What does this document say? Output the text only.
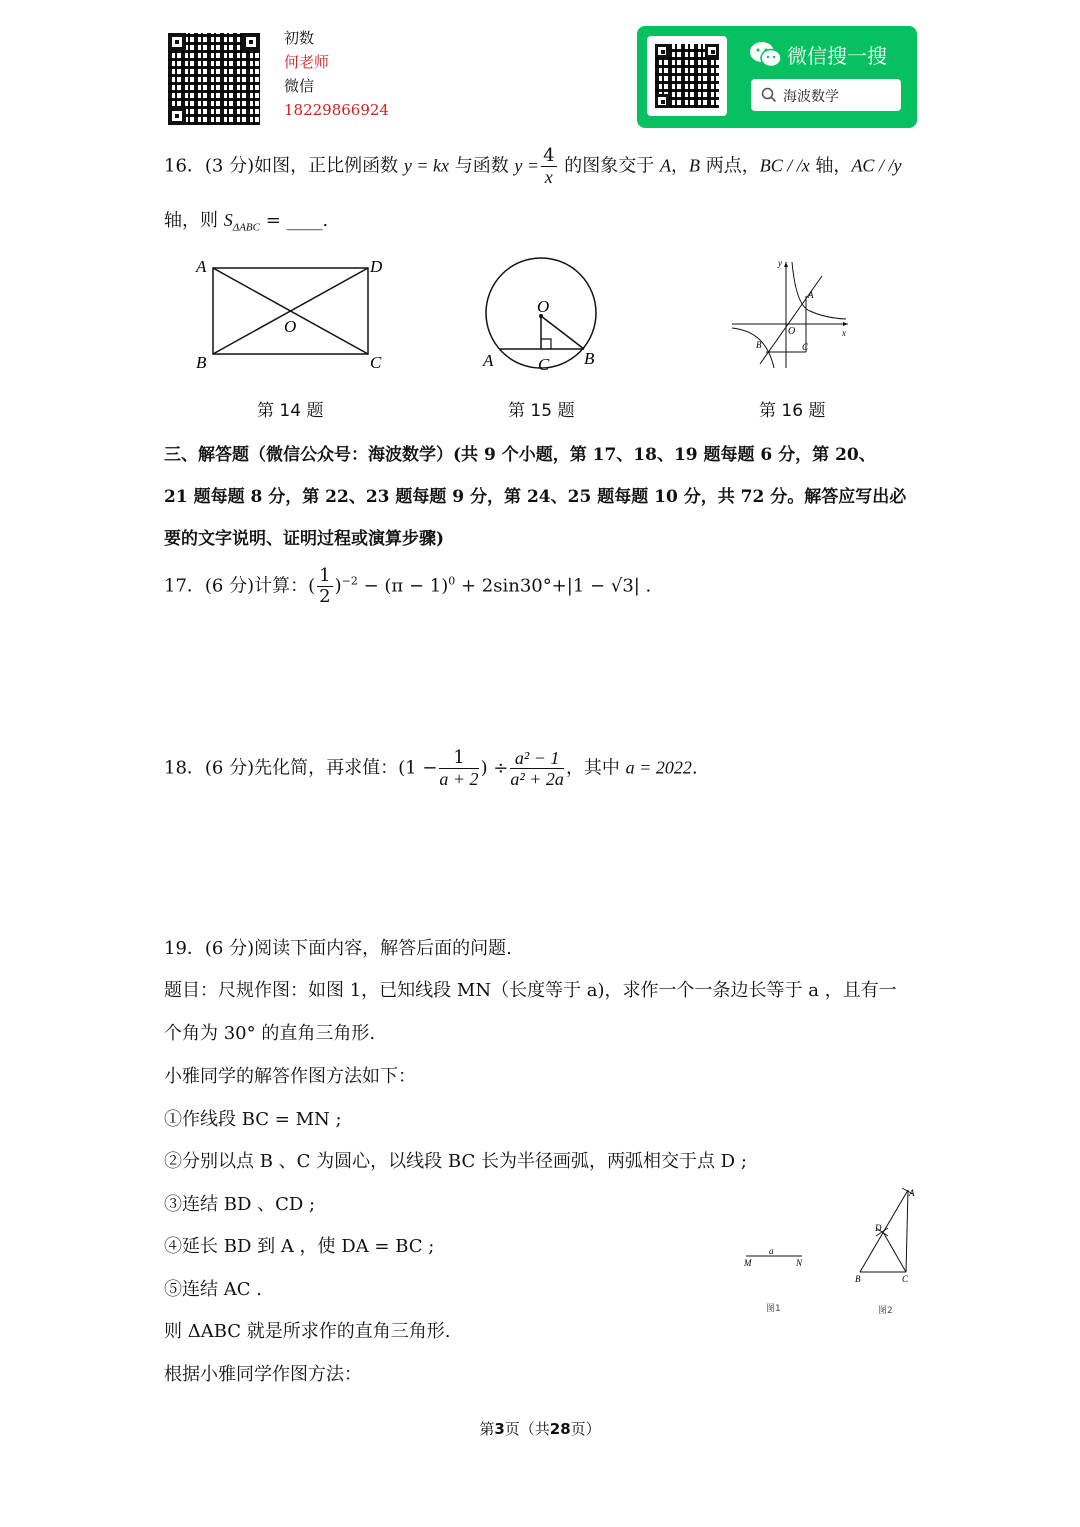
初数
何老师
微信
18229866924
微信搜一搜
海波数学
16．(3 分)如图，正比例函数 y = kx 与函数 $y = \frac{4}{x}$ 的图象交于 A，B 两点，BC / /x 轴，AC / /y
轴，则 $S_{\Delta ABC}$ = ____.
A	D
B	C
O
O
A	B
C
y
x
O
A
B	C
第 14 题	第 15 题	第 16 题
三、解答题（微信公众号：海波数学）(共 9 个小题，第 17、18、19 题每题 6 分，第 20、
21 题每题 8 分，第 22、23 题每题 9 分，第 24、25 题每题 10 分，共 72 分。解答应写出必
要的文字说明、证明过程或演算步骤)
17．(6 分)计算：( $\frac{1}{2} )^{-2} - (\pi - 1)^0 + 2\sin 30^\circ+|1 - √3|$ .
18．(6 分)先化简，再求值：($1 - \frac{1}{a + 2}$ ) ÷ $\frac{\text{a² − 1}}{\text{a² + 2a}}$ ，其中 a = 2022.
19．(6 分)阅读下面内容，解答后面的问题.
题目：尺规作图：如图 1，已知线段 MN（长度等于 a)，求作一个一条边长等于 a ，且有一
个角为 30° 的直角三角形.
小雅同学的解答作图方法如下：
①作线段 BC = MN ;
②分别以点 B 、C 为圆心，以线段 BC 长为半径画弧，两弧相交于点 D ;
③连结 BD 、CD ;
④延长 BD 到 A ，使 DA = BC ;
⑤连结 AC .
则 ΔABC 就是所求作的直角三角形.
根据小雅同学作图方法：
a
M	N
图1
A
D
B	C
图2
第3页（共28页）
